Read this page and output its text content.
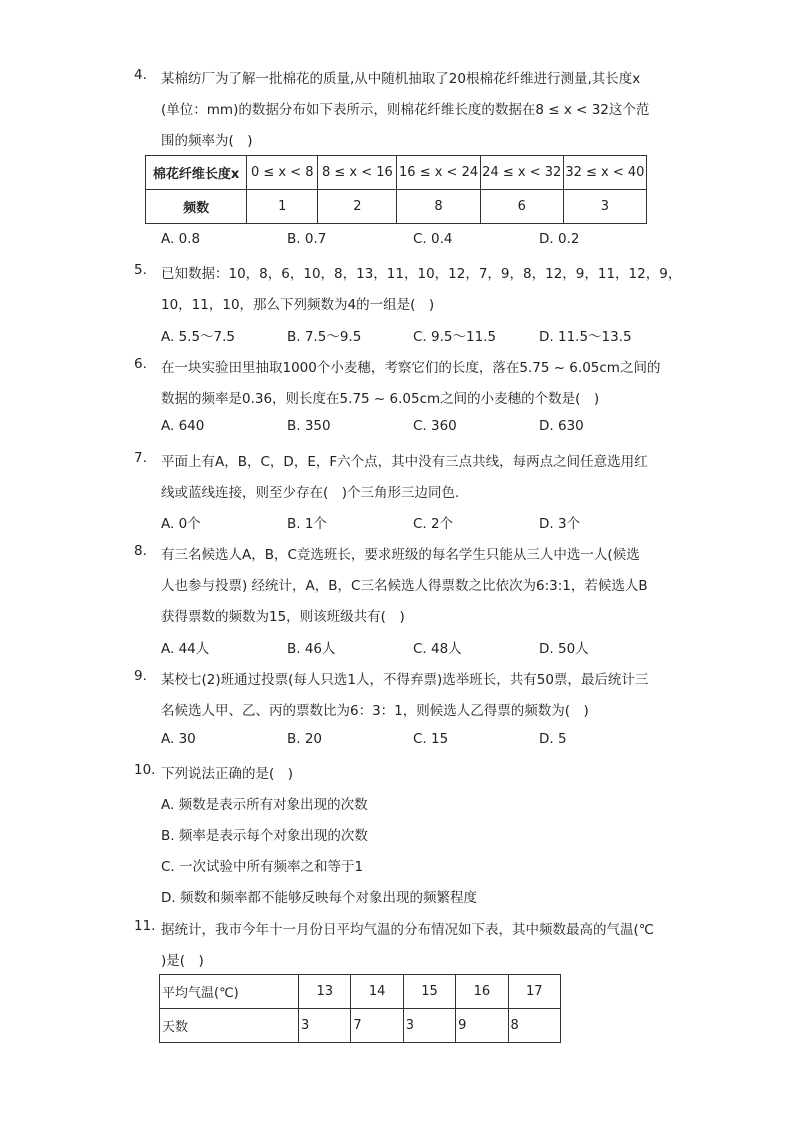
4.	某棉纺厂为了解一批棉花的质量,从中随机抽取了20根棉花纤维进行测量,其长度x
(单位：mm)的数据分布如下表所示，则棉花纤维长度的数据在8 ≤ x < 32这个范
围的频率为(　)
棉花纤维长度x	0 ≤ x < 8	8 ≤ x < 16	16 ≤ x < 24	24 ≤ x < 32	32 ≤ x < 40
频数	1	2	8	6	3
A. 0.8	B. 0.7	C. 0.4	D. 0.2
5.	已知数据：10，8，6，10，8，13，11，10，12，7，9，8，12，9，11，12，9，
10，11，10，那么下列频数为4的一组是(　)
A. 5.5～7.5	B. 7.5～9.5	C. 9.5～11.5	D. 11.5～13.5
6.	在一块实验田里抽取1000个小麦穗，考察它们的长度，落在5.75 ~ 6.05cm之间的
数据的频率是0.36，则长度在5.75 ~ 6.05cm之间的小麦穗的个数是(　)
A. 640	B. 350	C. 360	D. 630
7.	平面上有A，B，C，D，E，F六个点，其中没有三点共线，每两点之间任意选用红
线或蓝线连接，则至少存在(　)个三角形三边同色.
A. 0个	B. 1个	C. 2个	D. 3个
8.	有三名候选人A，B，C竞选班长，要求班级的每名学生只能从三人中选一人(候选
人也参与投票) 经统计，A，B，C三名候选人得票数之比依次为6:3:1，若候选人B
获得票数的频数为15，则该班级共有(　)
A. 44人	B. 46人	C. 48人	D. 50人
9.	某校七(2)班通过投票(每人只选1人，不得弃票)选举班长，共有50票，最后统计三
名候选人甲、乙、丙的票数比为6：3：1，则候选人乙得票的频数为(　)
A. 30	B. 20	C. 15	D. 5
10. 下列说法正确的是(　)
A. 频数是表示所有对象出现的次数
B. 频率是表示每个对象出现的次数
C. 一次试验中所有频率之和等于1
D. 频数和频率都不能够反映每个对象出现的频繁程度
11. 据统计，我市今年十一月份日平均气温的分布情况如下表，其中频数最高的气温(℃
)是(　)
平均气温(℃)	13	14	15	16	17
天数	3	7	3	9	8
